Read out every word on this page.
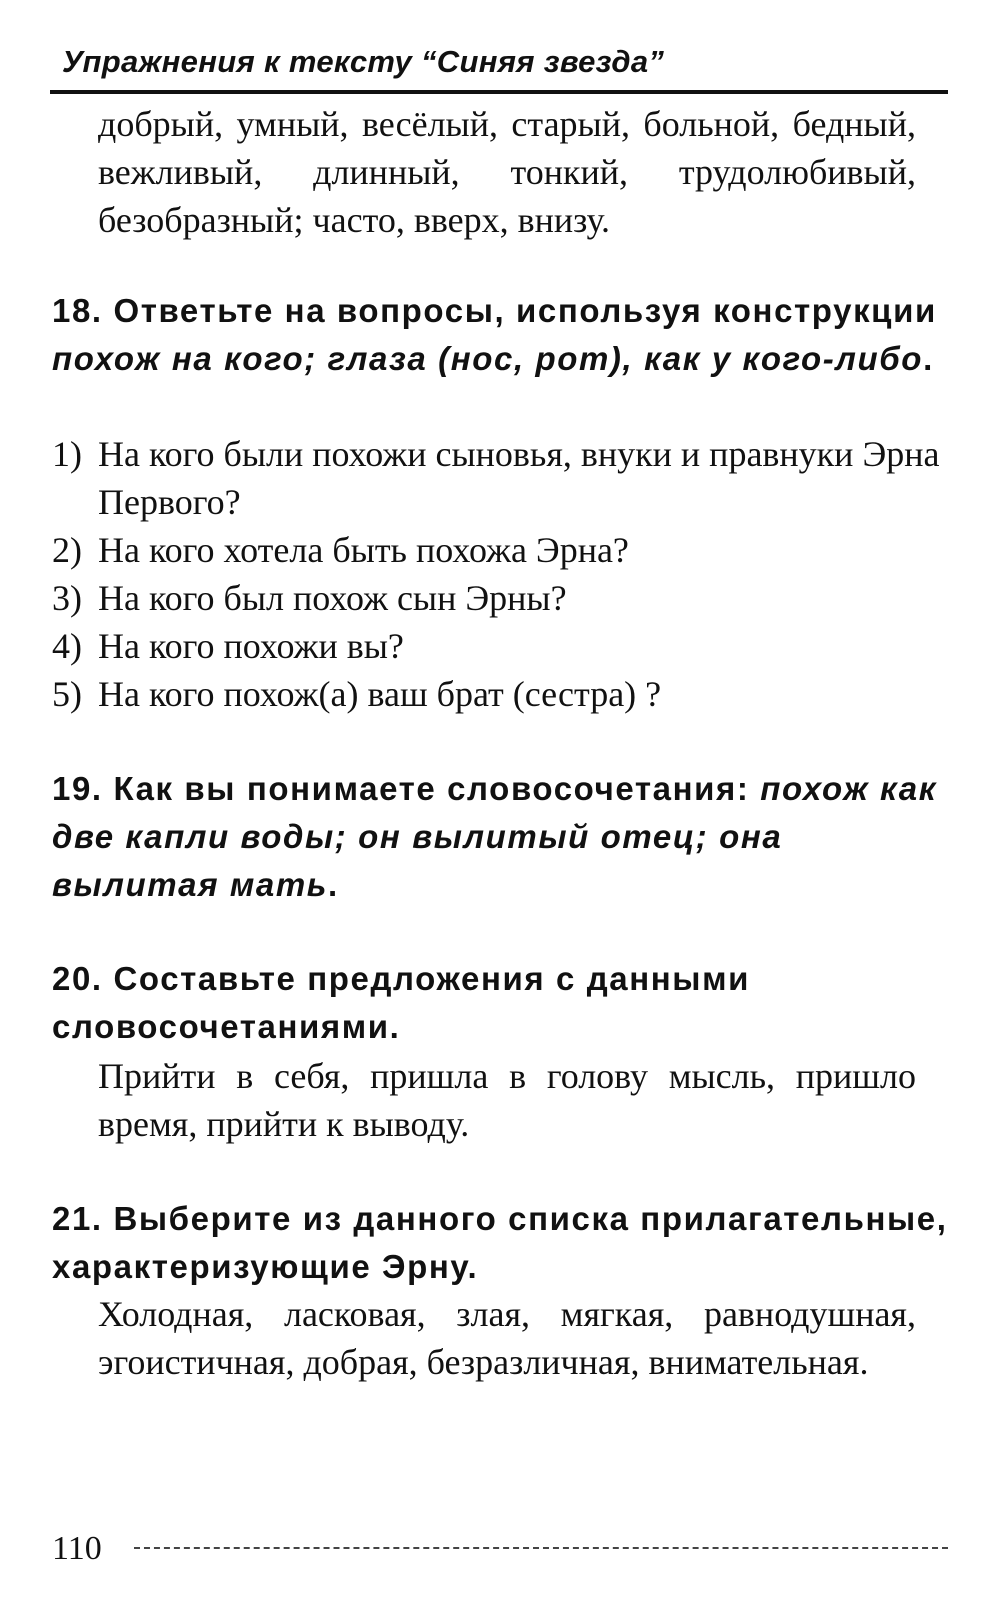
Упражнения к тексту “Синяя звезда”
добрый, умный, весёлый, старый, больной, бедный, вежливый, длинный, тонкий, трудолюбивый, безобразный; часто, вверх, внизу.
18. Ответьте на вопросы, используя конструкции похож на кого; глаза (нос, рот), как у кого-либо.
1) На кого были похожи сыновья, внуки и правнуки Эрна Первого?
2) На кого хотела быть похожа Эрна?
3) На кого был похож сын Эрны?
4) На кого похожи вы?
5) На кого похож(а) ваш брат (сестра) ?
19. Как вы понимаете словосочетания: похож как две капли воды; он вылитый отец; она вылитая мать.
20. Составьте предложения с данными словосочетаниями.
Прийти в себя, пришла в голову мысль, пришло время, прийти к выводу.
21. Выберите из данного списка прилагательные, характеризующие Эрну.
Холодная, ласковая, злая, мягкая, равнодушная, эгоистичная, добрая, безразличная, внимательная.
110
